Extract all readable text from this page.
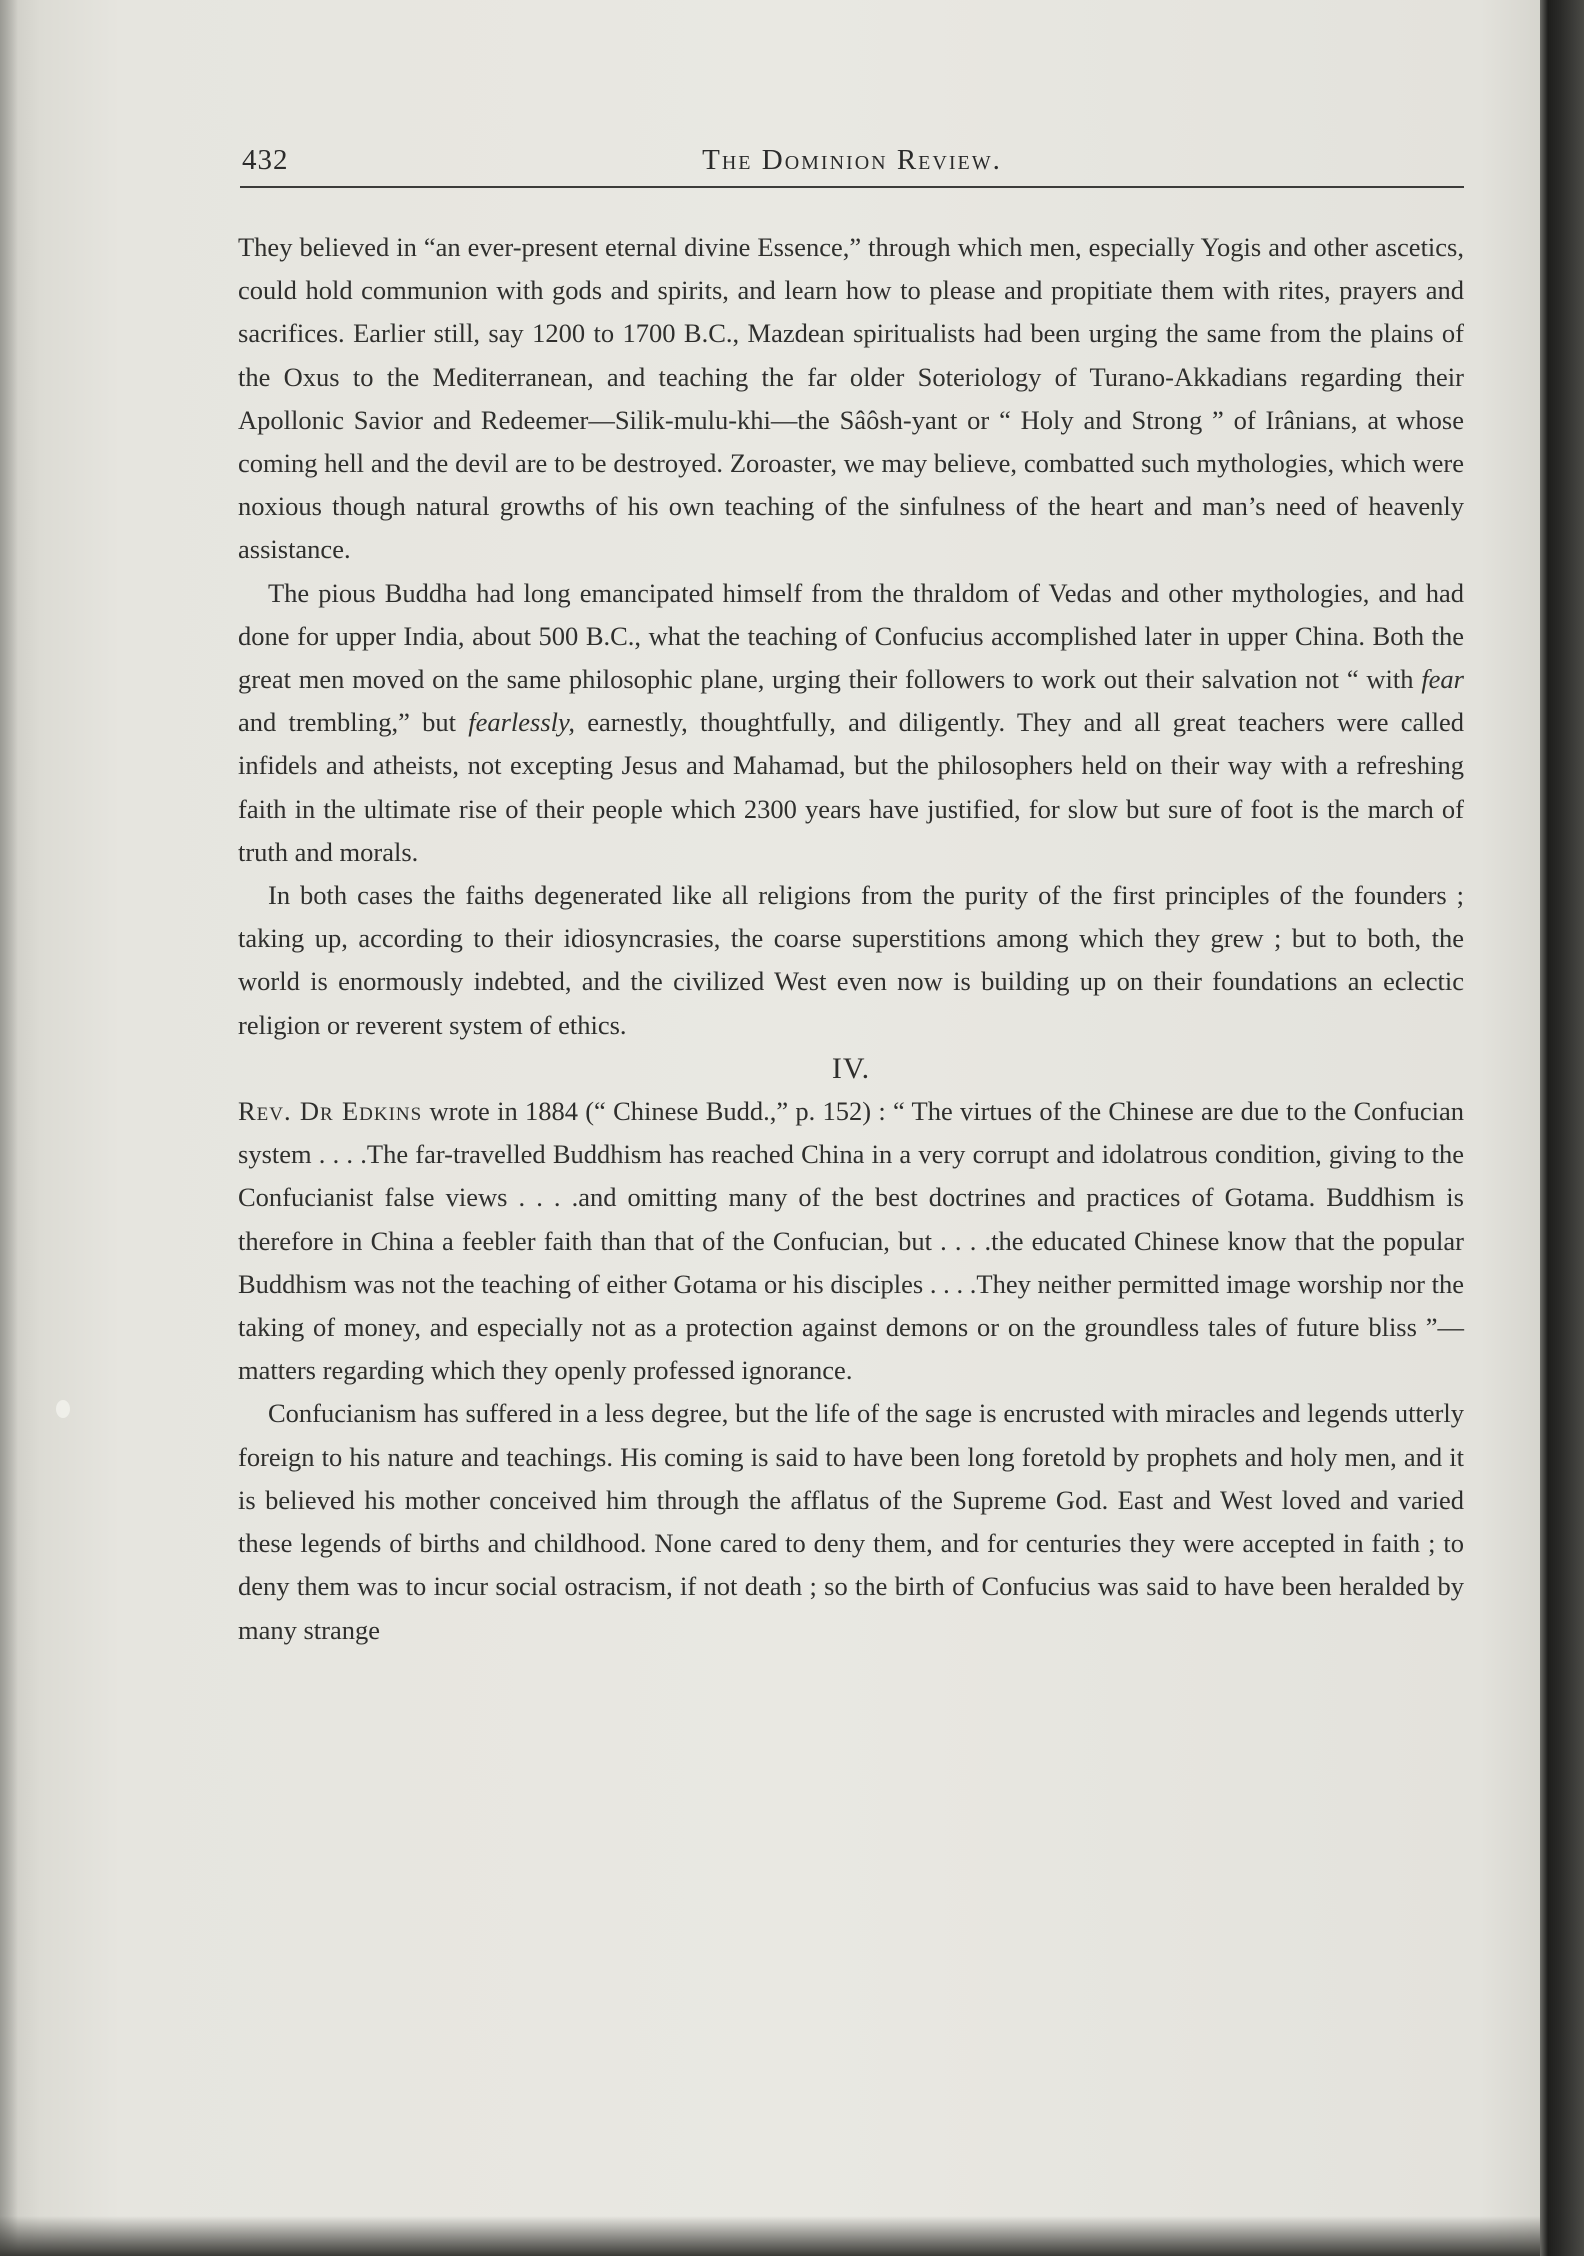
432	The Dominion Review.

They believed in “an ever-present eternal divine Essence,” through which men, especially Yogis and other ascetics, could hold communion with gods and spirits, and learn how to please and propitiate them with rites, prayers and sacrifices. Earlier still, say 1200 to 1700 B.C., Mazdean spiritualists had been urging the same from the plains of the Oxus to the Mediterranean, and teaching the far older Soteriology of Turano-Akkadians regarding their Apollonic Savior and Redeemer—Silik-mulu-khi—the Sâôsh-yant or “ Holy and Strong ” of Irânians, at whose coming hell and the devil are to be destroyed. Zoroaster, we may believe, combatted such mythologies, which were noxious though natural growths of his own teaching of the sinfulness of the heart and man’s need of heavenly assistance.

The pious Buddha had long emancipated himself from the thraldom of Vedas and other mythologies, and had done for upper India, about 500 B.C., what the teaching of Confucius accomplished later in upper China. Both the great men moved on the same philosophic plane, urging their followers to work out their salvation not “ with fear and trembling,” but fearlessly, earnestly, thoughtfully, and diligently. They and all great teachers were called infidels and atheists, not excepting Jesus and Mahamad, but the philosophers held on their way with a refreshing faith in the ultimate rise of their people which 2300 years have justified, for slow but sure of foot is the march of truth and morals.

In both cases the faiths degenerated like all religions from the purity of the first principles of the founders ; taking up, according to their idiosyncrasies, the coarse superstitions among which they grew ; but to both, the world is enormously indebted, and the civilized West even now is building up on their foundations an eclectic religion or reverent system of ethics.

IV.

Rev. Dr Edkins wrote in 1884 (“ Chinese Budd.,” p. 152) : “ The virtues of the Chinese are due to the Confucian system . . . .The far-travelled Buddhism has reached China in a very corrupt and idolatrous condition, giving to the Confucianist false views . . . .and omitting many of the best doctrines and practices of Gotama. Buddhism is therefore in China a feebler faith than that of the Confucian, but . . . .the educated Chinese know that the popular Buddhism was not the teaching of either Gotama or his disciples . . . .They neither permitted image worship nor the taking of money, and especially not as a protection against demons or on the groundless tales of future bliss ”—matters regarding which they openly professed ignorance.

Confucianism has suffered in a less degree, but the life of the sage is encrusted with miracles and legends utterly foreign to his nature and teachings. His coming is said to have been long foretold by prophets and holy men, and it is believed his mother conceived him through the afflatus of the Supreme God. East and West loved and varied these legends of births and childhood. None cared to deny them, and for centuries they were accepted in faith ; to deny them was to incur social ostracism, if not death ; so the birth of Confucius was said to have been heralded by many strange
